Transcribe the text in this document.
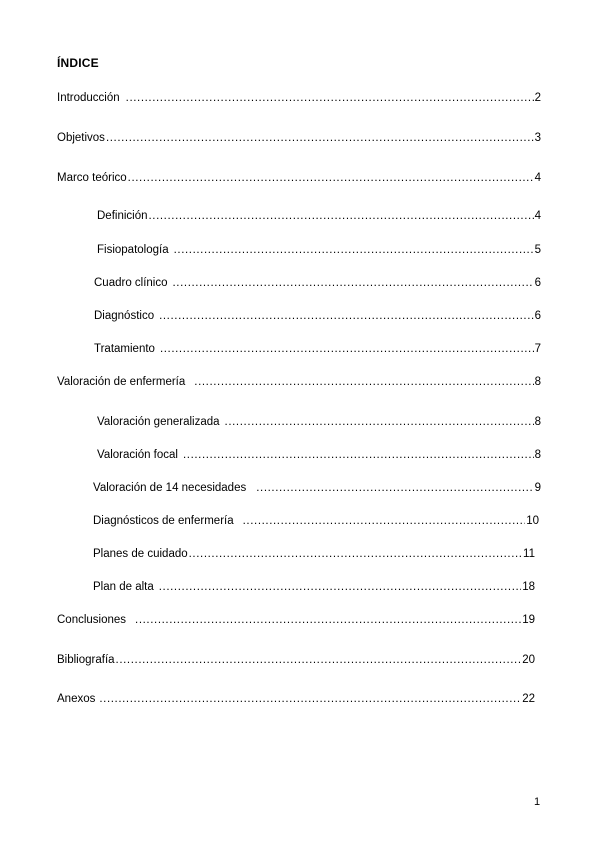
ÍNDICE
Introducción .....	2
Objetivos .....	3
Marco teórico .....	4
Definición .....	4
Fisiopatología .....	5
Cuadro clínico .....	6
Diagnóstico .....	6
Tratamiento .....	7
Valoración de enfermería .....	8
Valoración generalizada .....	8
Valoración focal .....	8
Valoración de 14 necesidades .....	9
Diagnósticos de enfermería .....	10
Planes de cuidado .....	11
Plan de alta .....	18
Conclusiones .....	19
Bibliografía .....	20
Anexos .....	22
1
